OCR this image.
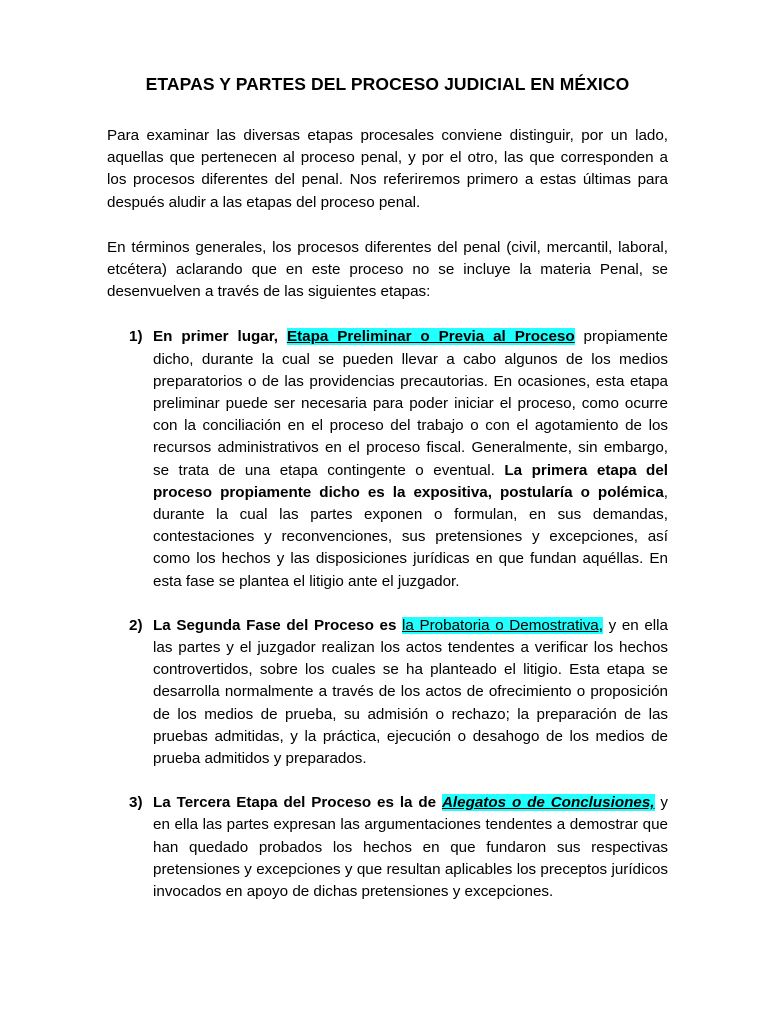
ETAPAS Y PARTES DEL PROCESO JUDICIAL EN MÉXICO

Para examinar las diversas etapas procesales conviene distinguir, por un lado, aquellas que pertenecen al proceso penal, y por el otro, las que corresponden a los procesos diferentes del penal. Nos referiremos primero a estas últimas para después aludir a las etapas del proceso penal.

En términos generales, los procesos diferentes del penal (civil, mercantil, laboral, etcétera) aclarando que en este proceso no se incluye la materia Penal, se desenvuelven a través de las siguientes etapas:

1) En primer lugar, Etapa Preliminar o Previa al Proceso propiamente dicho, durante la cual se pueden llevar a cabo algunos de los medios preparatorios o de las providencias precautorias. En ocasiones, esta etapa preliminar puede ser necesaria para poder iniciar el proceso, como ocurre con la conciliación en el proceso del trabajo o con el agotamiento de los recursos administrativos en el proceso fiscal. Generalmente, sin embargo, se trata de una etapa contingente o eventual. La primera etapa del proceso propiamente dicho es la expositiva, postularía o polémica, durante la cual las partes exponen o formulan, en sus demandas, contestaciones y reconvenciones, sus pretensiones y excepciones, así como los hechos y las disposiciones jurídicas en que fundan aquéllas. En esta fase se plantea el litigio ante el juzgador.
2) La Segunda Fase del Proceso es la Probatoria o Demostrativa, y en ella las partes y el juzgador realizan los actos tendentes a verificar los hechos controvertidos, sobre los cuales se ha planteado el litigio. Esta etapa se desarrolla normalmente a través de los actos de ofrecimiento o proposición de los medios de prueba, su admisión o rechazo; la preparación de las pruebas admitidas, y la práctica, ejecución o desahogo de los medios de prueba admitidos y preparados.
3) La Tercera Etapa del Proceso es la de Alegatos o de Conclusiones, y en ella las partes expresan las argumentaciones tendentes a demostrar que han quedado probados los hechos en que fundaron sus respectivas pretensiones y excepciones y que resultan aplicables los preceptos jurídicos invocados en apoyo de dichas pretensiones y excepciones.
